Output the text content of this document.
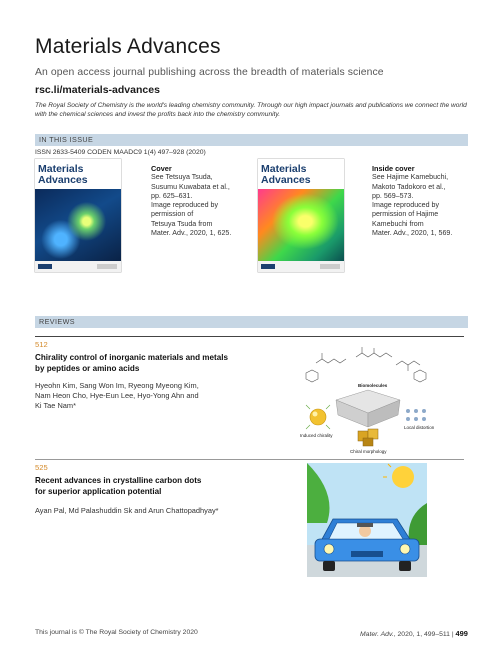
Materials Advances
An open access journal publishing across the breadth of materials science
rsc.li/materials-advances
The Royal Society of Chemistry is the world's leading chemistry community. Through our high impact journals and publications we connect the world with the chemical sciences and invest the profits back into the chemistry community.
IN THIS ISSUE
ISSN 2633-5409 CODEN MAADC9 1(4) 497–928 (2020)
Materials
Advances
Cover
See Tetsuya Tsuda,
Susumu Kuwabata et al.,
pp. 625–631.
Image reproduced by
permission of
Tetsuya Tsuda from
Mater. Adv., 2020, 1, 625.
Materials
Advances
Inside cover
See Hajime Kamebuchi,
Makoto Tadokoro et al.,
pp. 569–573.
Image reproduced by
permission of Hajime
Kamebuchi from
Mater. Adv., 2020, 1, 569.
REVIEWS
512
Chirality control of inorganic materials and metals
by peptides or amino acids
Hyeohn Kim, Sang Won Im, Ryeong Myeong Kim,
Nam Heon Cho, Hye-Eun Lee, Hyo-Yong Ahn and
Ki Tae Nam*
Biomolecules
Induced chirality
Local distortion
Chiral morphology
525
Recent advances in crystalline carbon dots
for superior application potential
Ayan Pal, Md Palashuddin Sk and Arun Chattopadhyay*
This journal is © The Royal Society of Chemistry 2020	Mater. Adv., 2020, 1, 499–511 | 499
